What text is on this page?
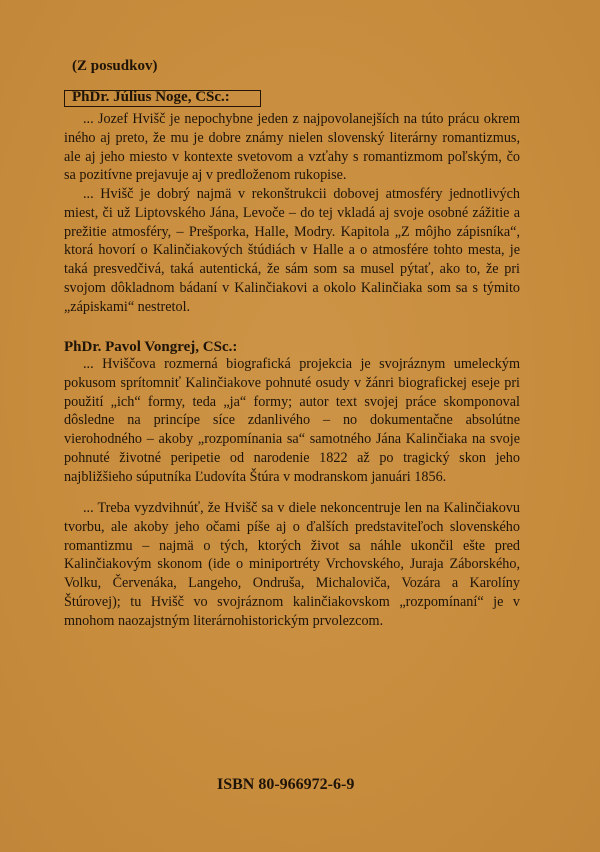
(Z posudkov)

PhDr. Július Noge, CSc.:

... Jozef Hvišč je nepochybne jeden z najpovolanejších na túto prácu okrem iného aj preto, že mu je dobre známy nielen slovenský literárny romantizmus, ale aj jeho miesto v kontexte svetovom a vzťahy s romantizmom poľským, čo sa pozitívne prejavuje aj v predloženom rukopise.

... Hvišč je dobrý najmä v rekonštrukcii dobovej atmosféry jednotlivých miest, či už Liptovského Jána, Levoče – do tej vkladá aj svoje osobné zážitie a prežitie atmosféry, – Prešporka, Halle, Modry. Kapitola „Z môjho zápisníka“, ktorá hovorí o Kalinčiakových štúdiách v Halle a o atmosfére tohto mesta, je taká presvedčivá, taká autentická, že sám som sa musel pýtať, ako to, že pri svojom dôkladnom bádaní v Kalinčiakovi a okolo Kalinčiaka som sa s týmito „zápiskami“ nestretol.

PhDr. Pavol Vongrej, CSc.:

... Hviščova rozmerná biografická projekcia je svojráznym umeleckým pokusom sprítomniť Kalinčiakove pohnuté osudy v žánri biografickej eseje pri použití „ich“ formy, teda „ja“ formy; autor text svojej práce skomponoval dôsledne na princípe síce zdanlivého – no dokumentačne absolútne vierohodného – akoby „rozpomínania sa“ samotného Jána Kalinčiaka na svoje pohnuté životné peripetie od narodenie 1822 až po tragický skon jeho najbližšieho súputníka Ľudovíta Štúra v modranskom januári 1856.

... Treba vyzdvihnúť, že Hvišč sa v diele nekoncentruje len na Kalinčiakovu tvorbu, ale akoby jeho očami píše aj o ďalších predstaviteľoch slovenského romantizmu – najmä o tých, ktorých život sa náhle ukončil ešte pred Kalinčiakovým skonom (ide o miniportréty Vrchovského, Juraja Záborského, Volku, Červenáka, Langeho, Ondruša, Michaloviča, Vozára a Karolíny Štúrovej); tu Hvišč vo svojráznom kalinčiakovskom „rozpomínaní“ je v mnohom naozajstným literárnohistorickým prvolezcom.

ISBN 80-966972-6-9
